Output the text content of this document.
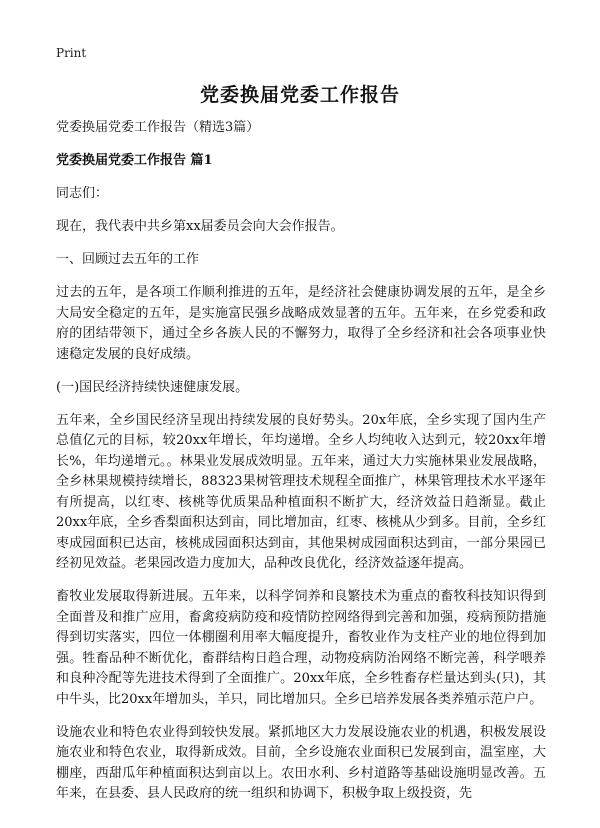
Print
党委换届党委工作报告

党委换届党委工作报告（精选3篇）

党委换届党委工作报告 篇1

同志们：

现在，我代表中共乡第xx届委员会向大会作报告。

一、回顾过去五年的工作

过去的五年，是各项工作顺利推进的五年，是经济社会健康协调发展的五年，是全乡大局安全稳定的五年，是实施富民强乡战略成效显著的五年。五年来，在乡党委和政府的团结带领下，通过全乡各族人民的不懈努力，取得了全乡经济和社会各项事业快速稳定发展的良好成绩。

(一)国民经济持续快速健康发展。

五年来，全乡国民经济呈现出持续发展的良好势头。20x年底，全乡实现了国内生产总值亿元的目标，较20xx年增长，年均递增。全乡人均纯收入达到元，较20xx年增长%，年均递增元。。林果业发展成效明显。五年来，通过大力实施林果业发展战略，全乡林果规模持续增长，88323果树管理技术规程全面推广，林果管理技术水平逐年有所提高，以红枣、核桃等优质果品种植面积不断扩大，经济效益日趋渐显。截止20xx年底，全乡香梨面积达到亩，同比增加亩，红枣、核桃从少到多。目前，全乡红枣成园面积已达亩，核桃成园面积达到亩，其他果树成园面积达到亩，一部分果园已经初见效益。老果园改造力度加大，品种改良优化，经济效益逐年提高。

畜牧业发展取得新进展。五年来，以科学饲养和良繁技术为重点的畜牧科技知识得到全面普及和推广应用，畜禽疫病防疫和疫情防控网络得到完善和加强，疫病预防措施得到切实落实，四位一体棚圈利用率大幅度提升，畜牧业作为支柱产业的地位得到加强。牲畜品种不断优化，畜群结构日趋合理，动物疫病防治网络不断完善，科学喂养和良种冷配等先进技术得到了全面推广。20xx年底，全乡牲畜存栏量达到头(只)，其中牛头，比20xx年增加头，羊只，同比增加只。全乡已培养发展各类养殖示范户户。

设施农业和特色农业得到较快发展。紧抓地区大力发展设施农业的机遇，积极发展设施农业和特色农业，取得新成效。目前，全乡设施农业面积已发展到亩，温室座，大棚座，西甜瓜年种植面积达到亩以上。农田水利、乡村道路等基础设施明显改善。五年来，在县委、县人民政府的统一组织和协调下，积极争取上级投资，先
